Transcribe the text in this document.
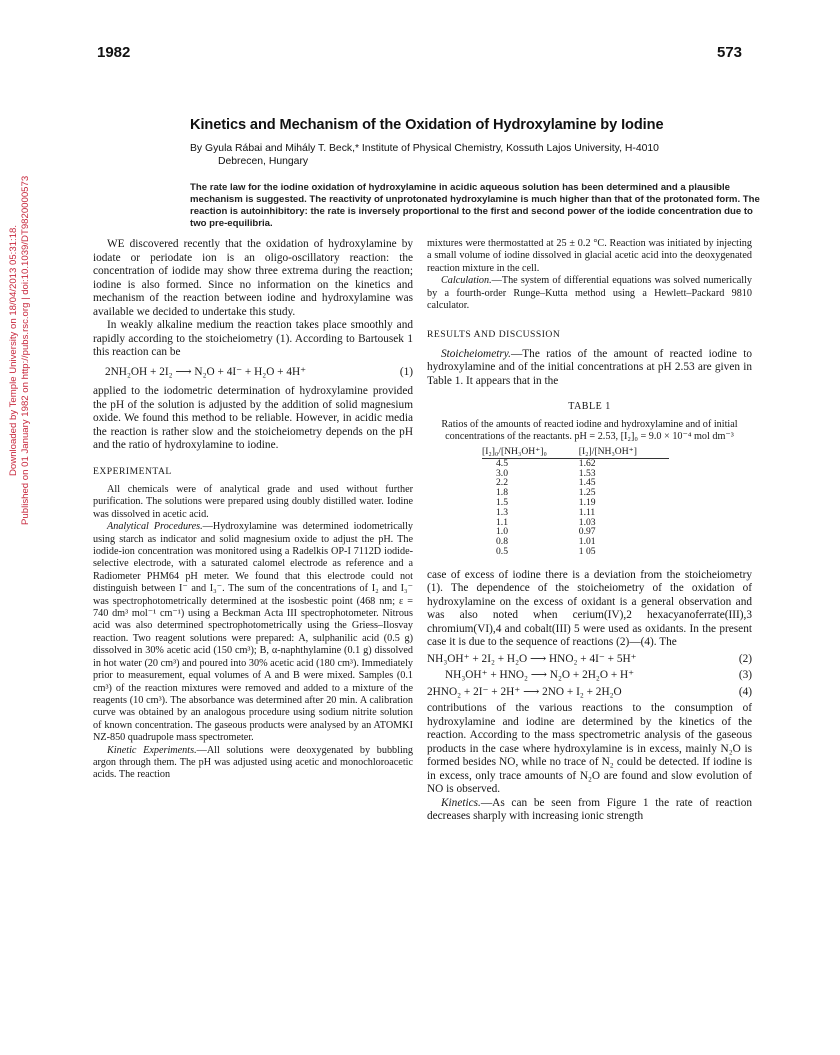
1982	573
Downloaded by Temple University on 18/04/2013 05:31:18. Published on 01 January 1982 on http://pubs.rsc.org | doi:10.1039/DT9820000573
Kinetics and Mechanism of the Oxidation of Hydroxylamine by Iodine
By Gyula Rábai and Mihály T. Beck,* Institute of Physical Chemistry, Kossuth Lajos University, H-4010
Debrecen, Hungary
The rate law for the iodine oxidation of hydroxylamine in acidic aqueous solution has been determined and a plausible mechanism is suggested. The reactivity of unprotonated hydroxylamine is much higher than that of the protonated form. The reaction is autoinhibitory: the rate is inversely proportional to the first and second power of the iodide concentration due to two pre-equilibria.

WE discovered recently that the oxidation of hydroxylamine by iodate or periodate ion is an oligo-oscillatory reaction: the concentration of iodide may show three extrema during the reaction; iodine is also formed. Since no information on the kinetics and mechanism of the reaction between iodine and hydroxylamine was available we decided to undertake this study.

In weakly alkaline medium the reaction takes place smoothly and rapidly according to the stoicheiometry (1). According to Bartousek 1 this reaction can be

2NH₂OH + 2I₂ ⟶ N₂O + 4I⁻ + H₂O + 4H⁺	(1)

applied to the iodometric determination of hydroxylamine provided the pH of the solution is adjusted by the addition of solid magnesium oxide. We found this method to be reliable. However, in acidic media the reaction is rather slow and the stoicheiometry depends on the pH and the ratio of hydroxylamine to iodine.

EXPERIMENTAL

All chemicals were of analytical grade and used without further purification. The solutions were prepared using doubly distilled water. Iodine was dissolved in acetic acid.

Analytical Procedures.—Hydroxylamine was determined iodometrically using starch as indicator and solid magnesium oxide to adjust the pH. The iodide-ion concentration was monitored using a Radelkis OP-I 7112D iodide-selective electrode, with a saturated calomel electrode as reference and a Radiometer PHM64 pH meter. We found that this electrode could not distinguish between I⁻ and I₃⁻. The sum of the concentrations of I₂ and I₃⁻ was spectrophotometrically determined at the isosbestic point (468 nm; ε = 740 dm³ mol⁻¹ cm⁻¹) using a Beckman Acta III spectrophotometer. Nitrous acid was also determined spectrophotometrically using the Griess–Ilosvay reaction. Two reagent solutions were prepared: A, sulphanilic acid (0.5 g) dissolved in 30% acetic acid (150 cm³); B, α-naphthylamine (0.1 g) dissolved in hot water (20 cm³) and poured into 30% acetic acid (180 cm³). Immediately prior to measurement, equal volumes of A and B were mixed. Samples (0.1 cm³) of the reaction mixtures were removed and added to a mixture of the reagents (10 cm³). The absorbance was determined after 20 min. A calibration curve was obtained by an analogous procedure using sodium nitrite solution of known concentration. The gaseous products were analysed by an ATOMKI NZ-850 quadrupole mass spectrometer.

Kinetic Experiments.—All solutions were deoxygenated by bubbling argon through them. The pH was adjusted using acetic and monochloroacetic acids. The reaction

mixtures were thermostatted at 25 ± 0.2 °C. Reaction was initiated by injecting a small volume of iodine dissolved in glacial acetic acid into the deoxygenated reaction mixture in the cell.

Calculation.—The system of differential equations was solved numerically by a fourth-order Runge–Kutta method using a Hewlett–Packard 9810 calculator.

RESULTS AND DISCUSSION

Stoicheiometry.—The ratios of the amount of reacted iodine to hydroxylamine and of the initial concentrations at pH 2.53 are given in Table 1. It appears that in the

TABLE 1
Ratios of the amounts of reacted iodine and hydroxylamine and of initial concentrations of the reactants. pH = 2.53, [I₂]₀ = 9.0 × 10⁻⁴ mol dm⁻³
[I₂]₀/[NH₃OH⁺]₀	[I₂]/[NH₃OH⁺]
4.5	1.62
3.0	1.53
2.2	1.45
1.8	1.25
1.5	1.19
1.3	1.11
1.1	1.03
1.0	0.97
0.8	1.01
0.5	1 05

case of excess of iodine there is a deviation from the stoicheiometry (1). The dependence of the stoicheiometry of the oxidation of hydroxylamine on the excess of oxidant is a general observation and was also noted when cerium(IV),2 hexacyanoferrate(III),3 chromium(VI),4 and cobalt(III) 5 were used as oxidants. In the present case it is due to the sequence of reactions (2)—(4). The

NH₃OH⁺ + 2I₂ + H₂O ⟶ HNO₂ + 4I⁻ + 5H⁺	(2)
NH₃OH⁺ + HNO₂ ⟶ N₂O + 2H₂O + H⁺	(3)
2HNO₂ + 2I⁻ + 2H⁺ ⟶ 2NO + I₂ + 2H₂O	(4)

contributions of the various reactions to the consumption of hydroxylamine and iodine are determined by the kinetics of the reaction. According to the mass spectrometric analysis of the gaseous products in the case where hydroxylamine is in excess, mainly N₂O is formed besides NO, while no trace of N₂ could be detected. If iodine is in excess, only trace amounts of N₂O are found and slow evolution of NO is observed.

Kinetics.—As can be seen from Figure 1 the rate of reaction decreases sharply with increasing ionic strength
